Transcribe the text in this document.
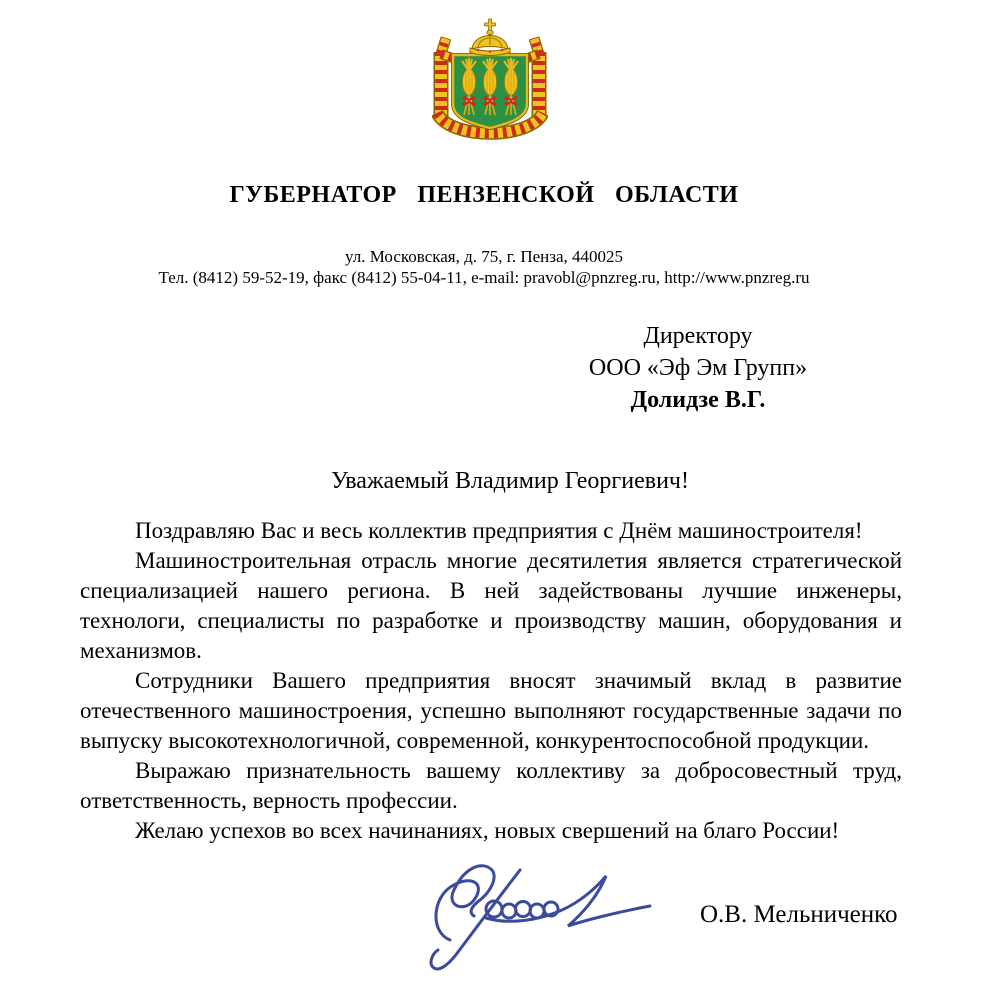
ГУБЕРНАТОР ПЕНЗЕНСКОЙ ОБЛАСТИ

ул. Московская, д. 75, г. Пенза, 440025

Тел. (8412) 59-52-19, факс (8412) 55-04-11, e-mail: pravobl@pnzreg.ru, http://www.pnzreg.ru

Директору
ООО «Эф Эм Групп»
Долидзе В.Г.

Уважаемый Владимир Георгиевич!

Поздравляю Вас и весь коллектив предприятия с Днём машиностроителя!

Машиностроительная отрасль многие десятилетия является стратегической специализацией нашего региона. В ней задействованы лучшие инженеры, технологи, специалисты по разработке и производству машин, оборудования и механизмов.

Сотрудники Вашего предприятия вносят значимый вклад в развитие отечественного машиностроения, успешно выполняют государственные задачи по выпуску высокотехнологичной, современной, конкурентоспособной продукции.

Выражаю признательность вашему коллективу за добросовестный труд, ответственность, верность профессии.

Желаю успехов во всех начинаниях, новых свершений на благо России!

О.В. Мельниченко
